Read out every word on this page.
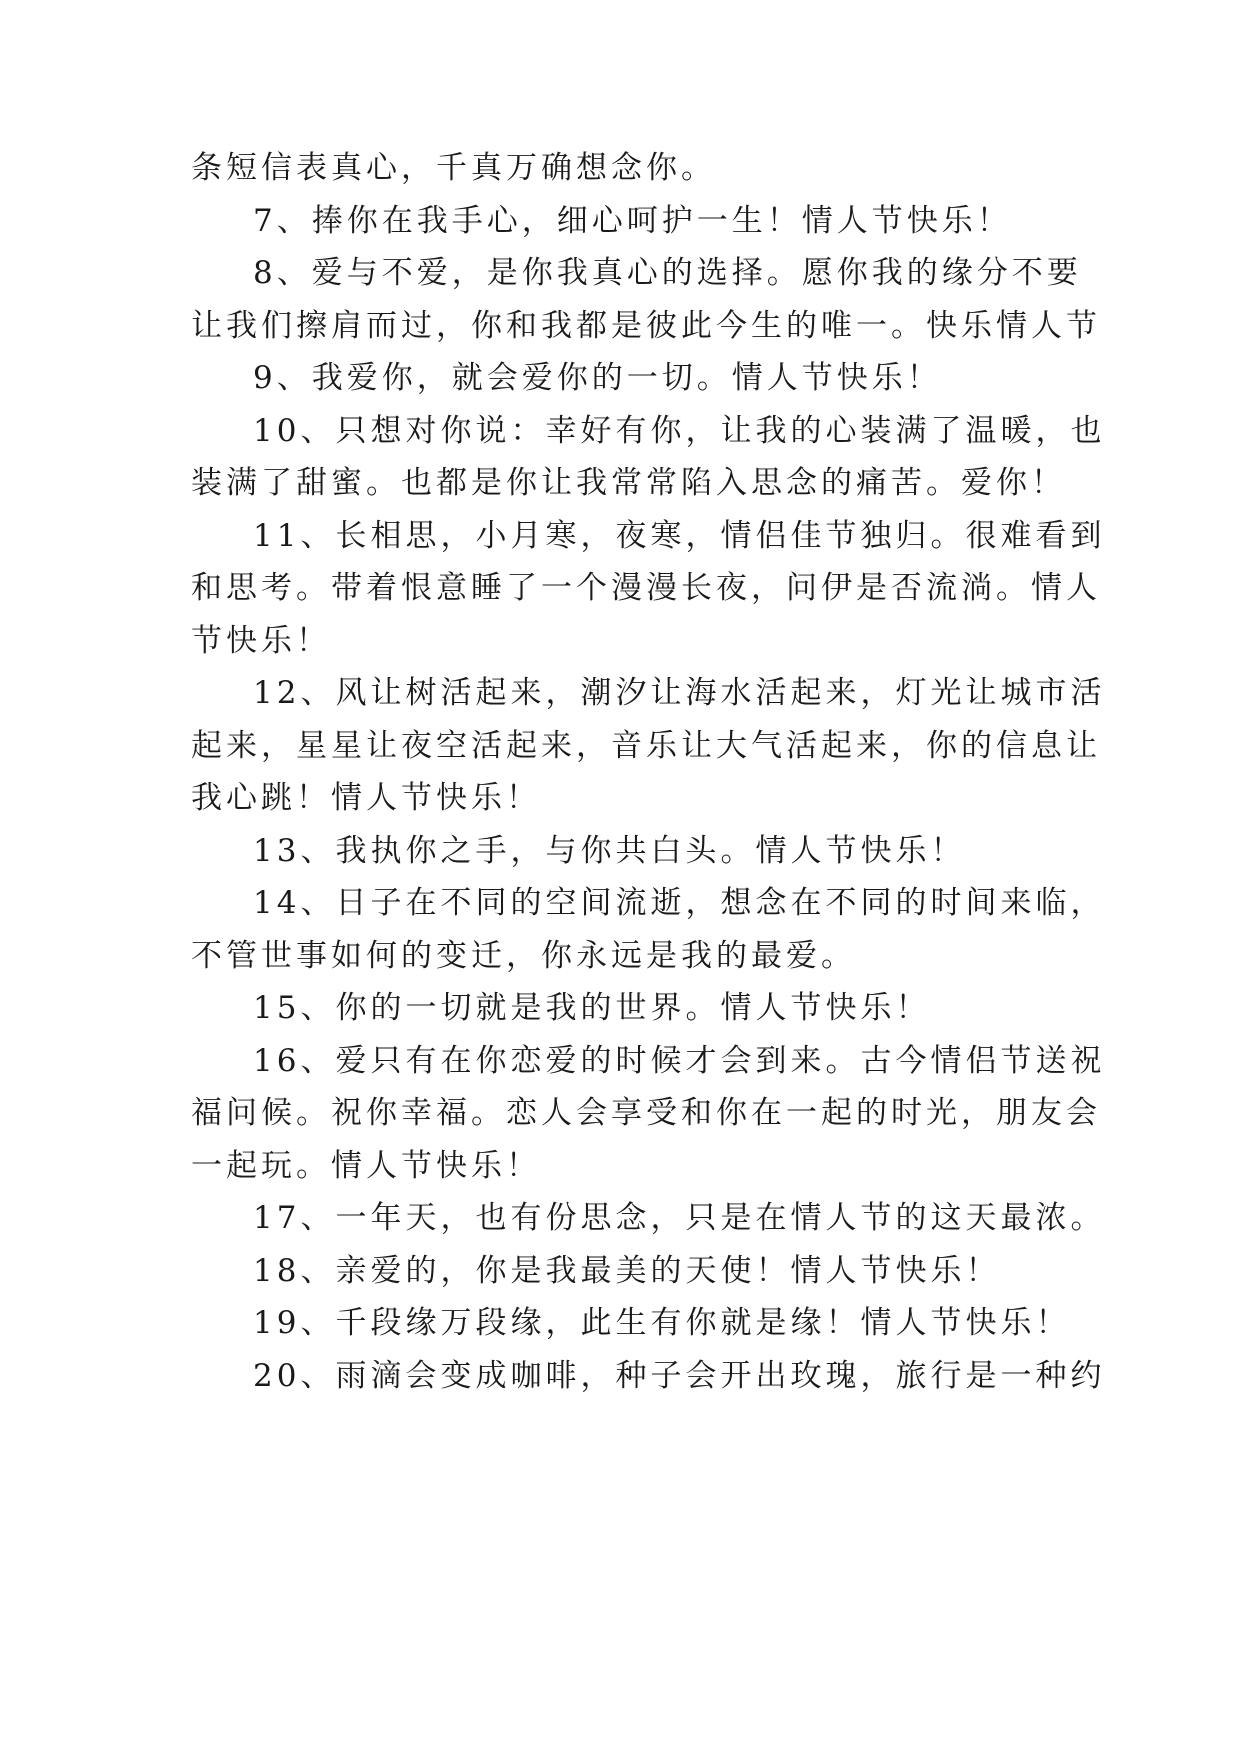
条短信表真心，千真万确想念你。

7、捧你在我手心，细心呵护一生！情人节快乐！

8、爱与不爱，是你我真心的选择。愿你我的缘分不要

让我们擦肩而过，你和我都是彼此今生的唯一。快乐情人节

9、我爱你，就会爱你的一切。情人节快乐！

10、只想对你说：幸好有你，让我的心装满了温暖，也

装满了甜蜜。也都是你让我常常陷入思念的痛苦。爱你！

11、长相思，小月寒，夜寒，情侣佳节独归。很难看到

和思考。带着恨意睡了一个漫漫长夜，问伊是否流淌。情人

节快乐！

12、风让树活起来，潮汐让海水活起来，灯光让城市活

起来，星星让夜空活起来，音乐让大气活起来，你的信息让

我心跳！情人节快乐！

13、我执你之手，与你共白头。情人节快乐！

14、日子在不同的空间流逝，想念在不同的时间来临，

不管世事如何的变迁，你永远是我的最爱。

15、你的一切就是我的世界。情人节快乐！

16、爱只有在你恋爱的时候才会到来。古今情侣节送祝

福问候。祝你幸福。恋人会享受和你在一起的时光，朋友会

一起玩。情人节快乐！

17、一年天，也有份思念，只是在情人节的这天最浓。

18、亲爱的，你是我最美的天使！情人节快乐！

19、千段缘万段缘，此生有你就是缘！情人节快乐！

20、雨滴会变成咖啡，种子会开出玫瑰，旅行是一种约
